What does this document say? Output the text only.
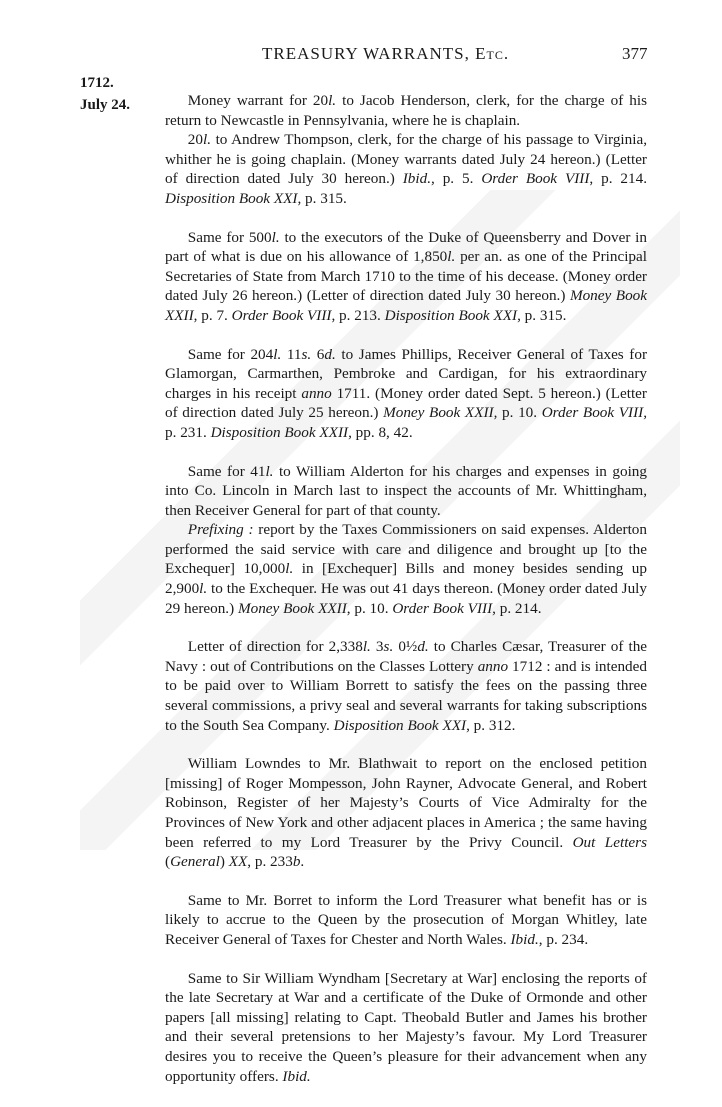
TREASURY WARRANTS, Etc.	377
1712.
July 24.	Money warrant for 20l. to Jacob Henderson, clerk, for the charge of his return to Newcastle in Pennsylvania, where he is chaplain.

20l. to Andrew Thompson, clerk, for the charge of his passage to Virginia, whither he is going chaplain. (Money warrants dated July 24 hereon.) (Letter of direction dated July 30 hereon.) Ibid., p. 5. Order Book VIII, p. 214. Disposition Book XXI, p. 315.

Same for 500l. to the executors of the Duke of Queensberry and Dover in part of what is due on his allowance of 1,850l. per an. as one of the Principal Secretaries of State from March 1710 to the time of his decease. (Money order dated July 26 hereon.) (Letter of direction dated July 30 hereon.) Money Book XXII, p. 7. Order Book VIII, p. 213. Disposition Book XXI, p. 315.

Same for 204l. 11s. 6d. to James Phillips, Receiver General of Taxes for Glamorgan, Carmarthen, Pembroke and Cardigan, for his extraordinary charges in his receipt anno 1711. (Money order dated Sept. 5 hereon.) (Letter of direction dated July 25 hereon.) Money Book XXII, p. 10. Order Book VIII, p. 231. Disposition Book XXII, pp. 8, 42.

Same for 41l. to William Alderton for his charges and expenses in going into Co. Lincoln in March last to inspect the accounts of Mr. Whittingham, then Receiver General for part of that county.

Prefixing : report by the Taxes Commissioners on said expenses. Alderton performed the said service with care and diligence and brought up [to the Exchequer] 10,000l. in [Exchequer] Bills and money besides sending up 2,900l. to the Exchequer. He was out 41 days thereon. (Money order dated July 29 hereon.) Money Book XXII, p. 10. Order Book VIII, p. 214.

Letter of direction for 2,338l. 3s. 0½d. to Charles Cæsar, Treasurer of the Navy : out of Contributions on the Classes Lottery anno 1712 : and is intended to be paid over to William Borrett to satisfy the fees on the passing three several commissions, a privy seal and several warrants for taking subscriptions to the South Sea Company. Disposition Book XXI, p. 312.

William Lowndes to Mr. Blathwait to report on the enclosed petition [missing] of Roger Mompesson, John Rayner, Advocate General, and Robert Robinson, Register of her Majesty’s Courts of Vice Admiralty for the Provinces of New York and other adjacent places in America ; the same having been referred to my Lord Treasurer by the Privy Council. Out Letters (General) XX, p. 233b.

Same to Mr. Borret to inform the Lord Treasurer what benefit has or is likely to accrue to the Queen by the prosecution of Morgan Whitley, late Receiver General of Taxes for Chester and North Wales. Ibid., p. 234.

Same to Sir William Wyndham [Secretary at War] enclosing the reports of the late Secretary at War and a certificate of the Duke of Ormonde and other papers [all missing] relating to Capt. Theobald Butler and James his brother and their several pretensions to her Majesty’s favour. My Lord Treasurer desires you to receive the Queen’s pleasure for their advancement when any opportunity offers. Ibid.
